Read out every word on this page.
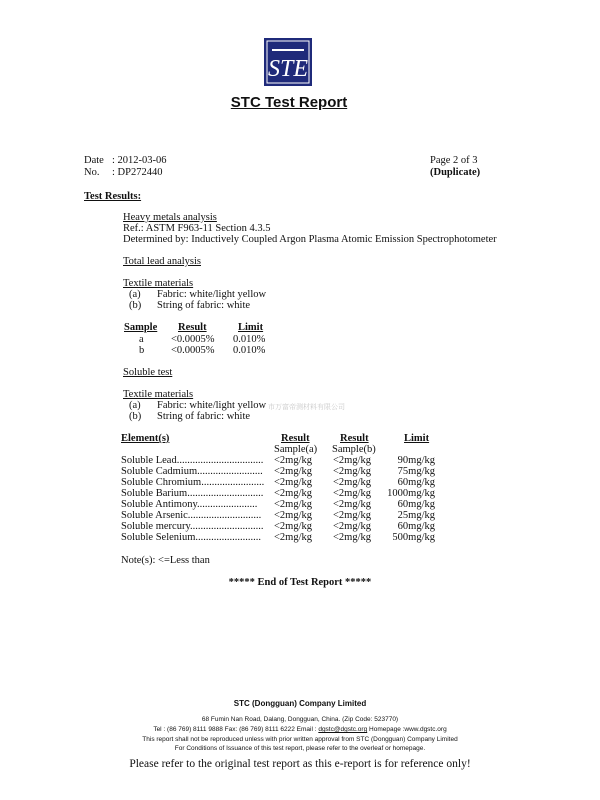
STE
STC Test Report
Date : 2012-03-06
No. : DP272440
Page 2 of 3
(Duplicate)
Test Results:
Heavy metals analysis
Ref.: ASTM F963-11 Section 4.3.5
Determined by: Inductively Coupled Argon Plasma Atomic Emission Spectrophotometer
Total lead analysis
Textile materials
(a) Fabric: white/light yellow
(b) String of fabric: white
Sample Result	Limit
a	<0.0005% 0.010%
b	<0.0005% 0.010%
Soluble test
Textile materials
(a) Fabric: white/light yellow 市万富帝测材料有限公司
(b) String of fabric: white
Element(s)	Result	Result	Limit
Sample(a) Sample(b)
Soluble Lead................................. <2mg/kg <2mg/kg	90mg/kg
Soluble Cadmium......................... <2mg/kg <2mg/kg	75mg/kg
Soluble Chromium........................ <2mg/kg <2mg/kg	60mg/kg
Soluble Barium............................. <2mg/kg <2mg/kg	1000mg/kg
Soluble Antimony....................... <2mg/kg <2mg/kg	60mg/kg
Soluble Arsenic............................ <2mg/kg <2mg/kg	25mg/kg
Soluble mercury............................ <2mg/kg <2mg/kg	60mg/kg
Soluble Selenium......................... <2mg/kg <2mg/kg	500mg/kg
Note(s): <=Less than
***** End of Test Report *****
STC (Dongguan) Company Limited
68 Fumin Nan Road, Dalang, Dongguan, China. (Zip Code: 523770)
Tel : (86 769) 8111 9888 Fax: (86 769) 8111 6222 Email : dgstc@dgstc.org Homepage :www.dgstc.org
This report shall not be reproduced unless with prior written approval from STC (Dongguan) Company Limited
For Conditions of Issuance of this test report, please refer to the overleaf or homepage.
Please refer to the original test report as this e-report is for reference only!
